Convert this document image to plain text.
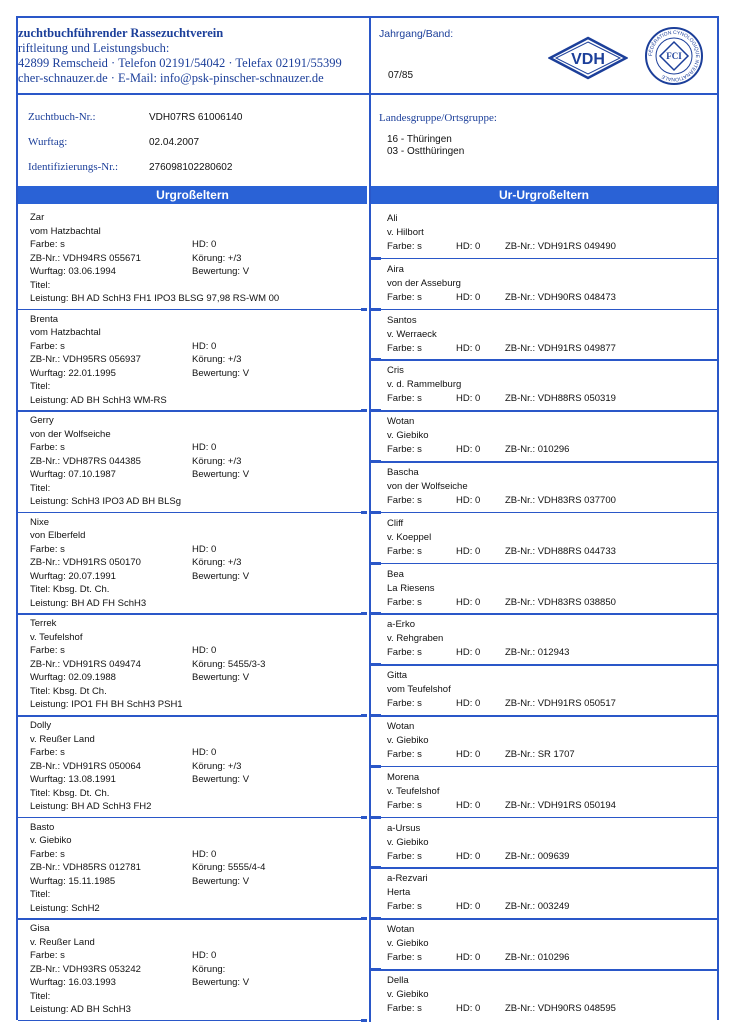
zuchtbuchführender Rassezuchtverein
riftleitung und Leistungsbuch:
42899 Remscheid · Telefon 02191/54042 · Telefax 02191/55399
cher-schnauzer.de · E-Mail: info@psk-pinscher-schnauzer.de
Jahrgang/Band:
07/85
VDH	FÉDÉRATION CYNOLOGIQUE INTERNATIONALE
FCI
Zuchtbuch-Nr.:	VDH07RS 61006140
Wurftag:	02.04.2007
Identifizierungs-Nr.:	276098102280602
Landesgruppe/Ortsgruppe:
16 - Thüringen
03 - Ostthüringen
Urgroßeltern	Ur-Urgroßeltern
Zar
vom Hatzbachtal
Farbe: s	HD: 0
ZB-Nr.: VDH94RS 055671	Körung: +/3
Wurftag: 03.06.1994	Bewertung: V
Titel:
Leistung: BH AD SchH3 FH1 IPO3 BLSG 97,98 RS-WM 00
Brenta
vom Hatzbachtal
Farbe: s	HD: 0
ZB-Nr.: VDH95RS 056937	Körung: +/3
Wurftag: 22.01.1995	Bewertung: V
Titel:
Leistung: AD BH SchH3 WM-RS
Gerry
von der Wolfseiche
Farbe: s	HD: 0
ZB-Nr.: VDH87RS 044385	Körung: +/3
Wurftag: 07.10.1987	Bewertung: V
Titel:
Leistung: SchH3 IPO3 AD BH BLSg
Nixe
von Elberfeld
Farbe: s	HD: 0
ZB-Nr.: VDH91RS 050170	Körung: +/3
Wurftag: 20.07.1991	Bewertung: V
Titel: Kbsg. Dt. Ch.
Leistung: BH AD FH SchH3
Terrek
v. Teufelshof
Farbe: s	HD: 0
ZB-Nr.: VDH91RS 049474	Körung: 5455/3-3
Wurftag: 02.09.1988	Bewertung: V
Titel: Kbsg. Dt Ch.
Leistung: IPO1 FH BH SchH3 PSH1
Dolly
v. Reußer Land
Farbe: s	HD: 0
ZB-Nr.: VDH91RS 050064	Körung: +/3
Wurftag: 13.08.1991	Bewertung: V
Titel: Kbsg. Dt. Ch.
Leistung: BH AD SchH3 FH2
Basto
v. Giebiko
Farbe: s	HD: 0
ZB-Nr.: VDH85RS 012781	Körung: 5555/4-4
Wurftag: 15.11.1985	Bewertung: V
Titel:
Leistung: SchH2
Gisa
v. Reußer Land
Farbe: s	HD: 0
ZB-Nr.: VDH93RS 053242	Körung:
Wurftag: 16.03.1993	Bewertung: V
Titel:
Leistung: AD BH SchH3
Ali
v. Hilbort
Farbe: s	HD: 0	ZB-Nr.: VDH91RS 049490
Aira
von der Asseburg
Farbe: s	HD: 0	ZB-Nr.: VDH90RS 048473
Santos
v. Werraeck
Farbe: s	HD: 0	ZB-Nr.: VDH91RS 049877
Cris
v. d. Rammelburg
Farbe: s	HD: 0	ZB-Nr.: VDH88RS 050319
Wotan
v. Giebiko
Farbe: s	HD: 0	ZB-Nr.: 010296
Bascha
von der Wolfseiche
Farbe: s	HD: 0	ZB-Nr.: VDH83RS 037700
Cliff
v. Koeppel
Farbe: s	HD: 0	ZB-Nr.: VDH88RS 044733
Bea
La Riesens
Farbe: s	HD: 0	ZB-Nr.: VDH83RS 038850
a-Erko
v. Rehgraben
Farbe: s	HD: 0	ZB-Nr.: 012943
Gitta
vom Teufelshof
Farbe: s	HD: 0	ZB-Nr.: VDH91RS 050517
Wotan
v. Giebiko
Farbe: s	HD: 0	ZB-Nr.: SR 1707
Morena
v. Teufelshof
Farbe: s	HD: 0	ZB-Nr.: VDH91RS 050194
a-Ursus
v. Giebiko
Farbe: s	HD: 0	ZB-Nr.: 009639
a-Rezvari
Herta
Farbe: s	HD: 0	ZB-Nr.: 003249
Wotan
v. Giebiko
Farbe: s	HD: 0	ZB-Nr.: 010296
Della
v. Giebiko
Farbe: s	HD: 0	ZB-Nr.: VDH90RS 048595
